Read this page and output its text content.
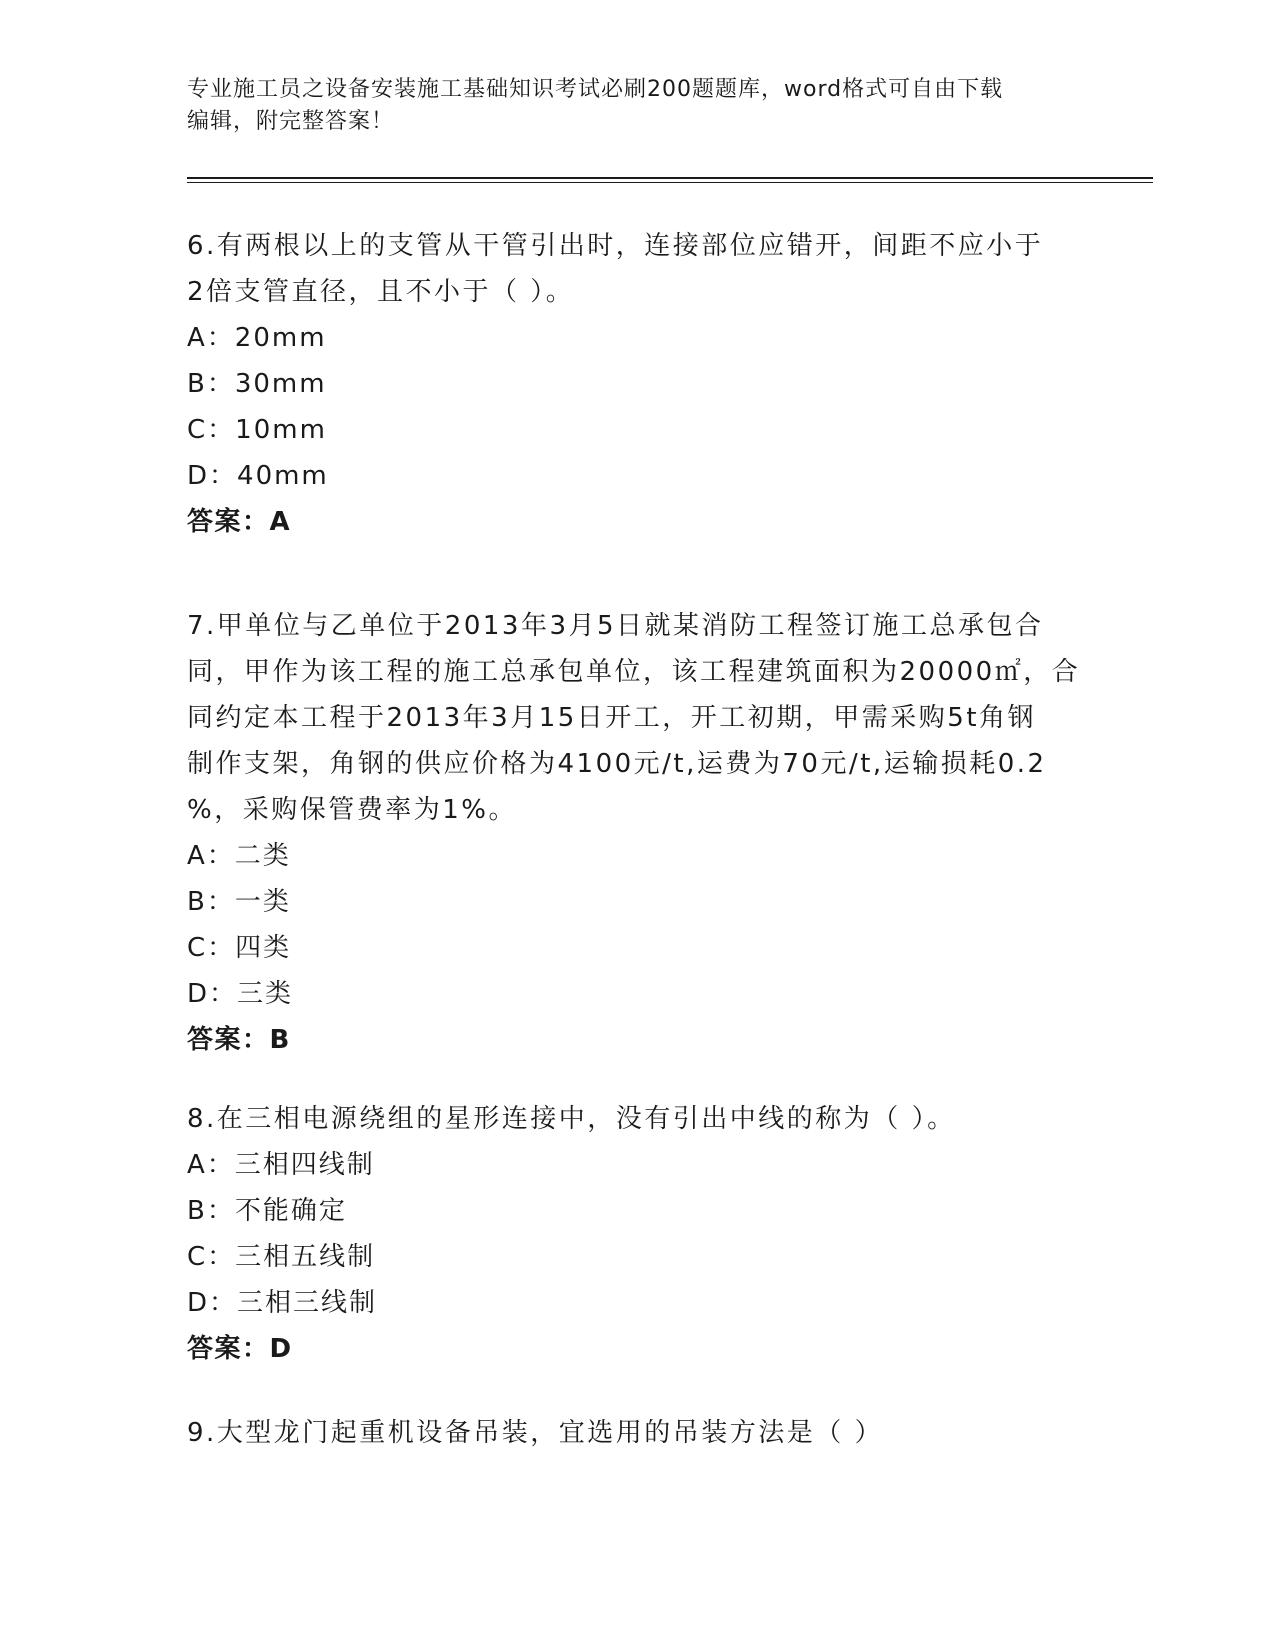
专业施工员之设备安装施工基础知识考试必刷200题题库，word格式可自由下载
编辑，附完整答案！
6.有两根以上的支管从干管引出时，连接部位应错开，间距不应小于
2倍支管直径，且不小于（ ）。
A：20mm
B：30mm
C：10mm
D：40mm
答案：A
7.甲单位与乙单位于2013年3月5日就某消防工程签订施工总承包合
同，甲作为该工程的施工总承包单位，该工程建筑面积为20000㎡，合
同约定本工程于2013年3月15日开工，开工初期，甲需采购5t角钢
制作支架，角钢的供应价格为4100元/t,运费为70元/t,运输损耗0.2
%，采购保管费率为1%。
A：二类
B：一类
C：四类
D：三类
答案：B
8.在三相电源绕组的星形连接中，没有引出中线的称为（ ）。
A：三相四线制
B：不能确定
C：三相五线制
D：三相三线制
答案：D
9.大型龙门起重机设备吊装，宜选用的吊装方法是（ ）
